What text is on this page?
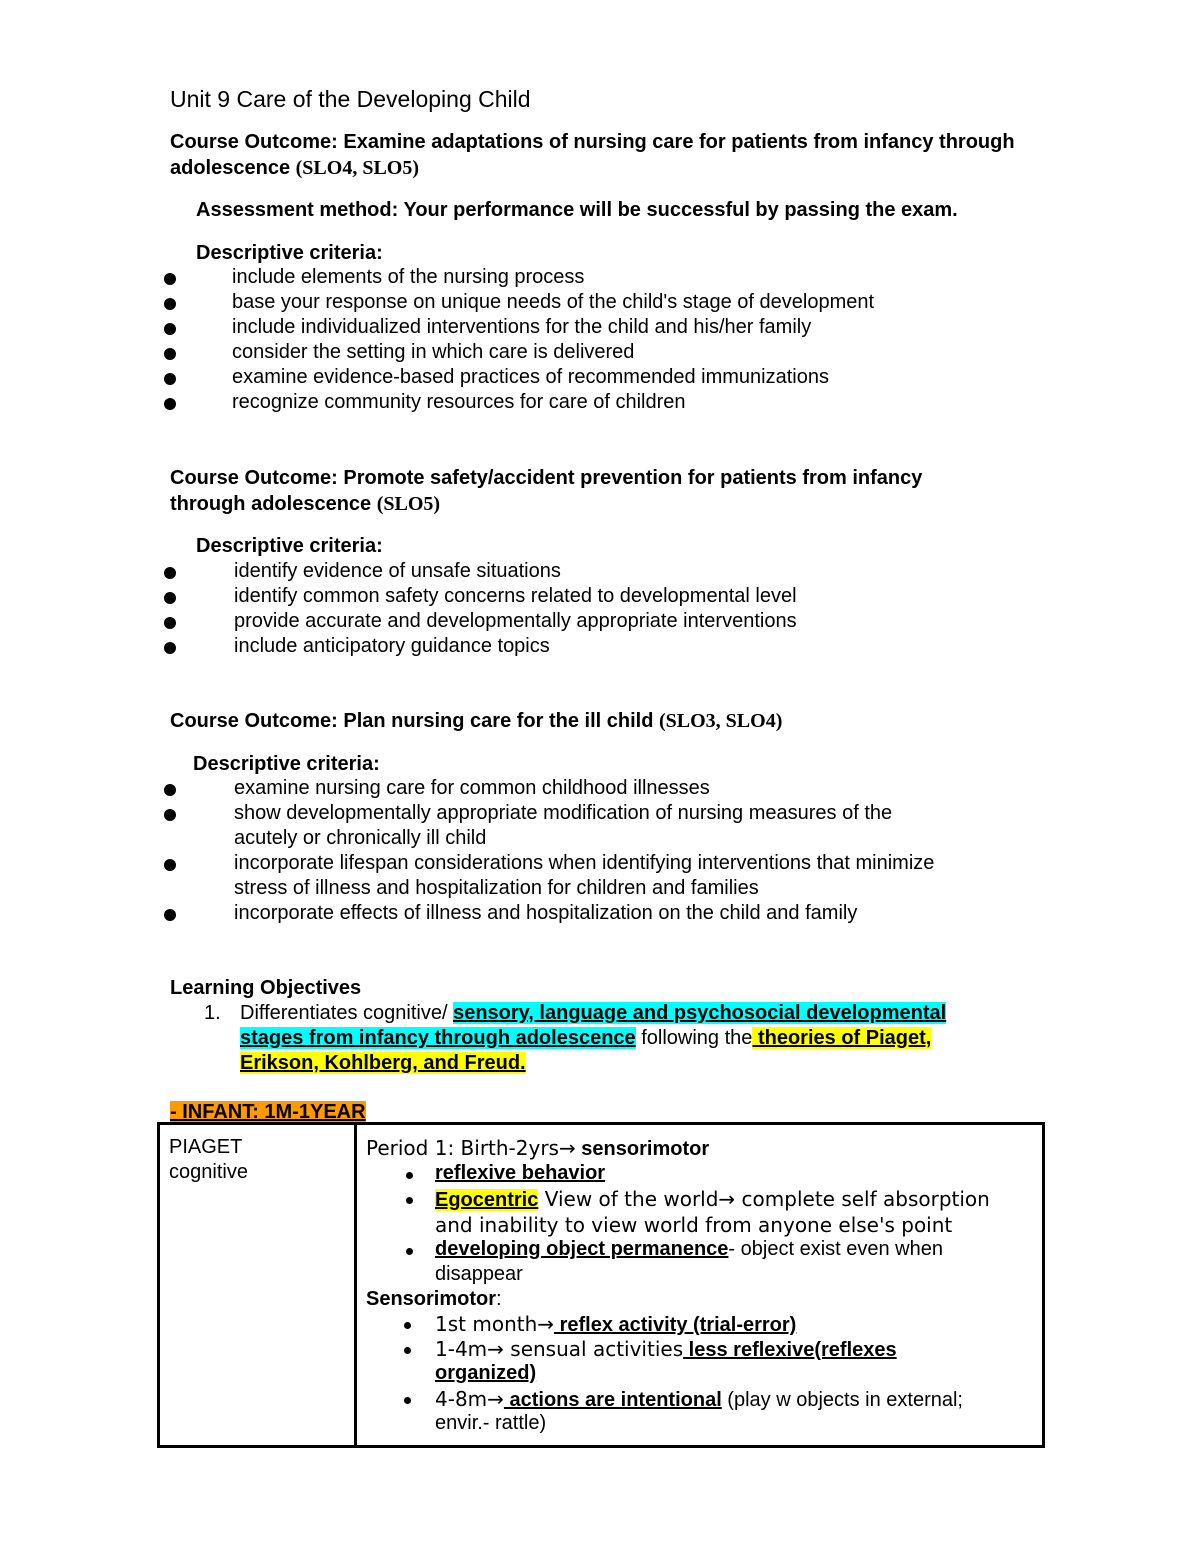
Unit 9 Care of the Developing Child
Course Outcome: Examine adaptations of nursing care for patients from infancy through
adolescence (SLO4, SLO5)
Assessment method: Your performance will be successful by passing the exam.
Descriptive criteria:
include elements of the nursing process
base your response on unique needs of the child's stage of development
include individualized interventions for the child and his/her family
consider the setting in which care is delivered
examine evidence-based practices of recommended immunizations
recognize community resources for care of children
Course Outcome: Promote safety/accident prevention for patients from infancy
through adolescence (SLO5)
Descriptive criteria:
identify evidence of unsafe situations
identify common safety concerns related to developmental level
provide accurate and developmentally appropriate interventions
include anticipatory guidance topics
Course Outcome: Plan nursing care for the ill child (SLO3, SLO4)
Descriptive criteria:
examine nursing care for common childhood illnesses
show developmentally appropriate modification of nursing measures of the
acutely or chronically ill child
incorporate lifespan considerations when identifying interventions that minimize
stress of illness and hospitalization for children and families
incorporate effects of illness and hospitalization on the child and family
Learning Objectives
1. Differentiates cognitive/ sensory, language and psychosocial developmental
stages from infancy through adolescence following the theories of Piaget,
Erikson, Kohlberg, and Freud.
- INFANT: 1M-1YEAR
PIAGET
cognitive

Period 1: Birth-2yrs→ sensorimotor
reflexive behavior
Egocentric View of the world→ complete self absorption
and inability to view world from anyone else's point
developing object permanence- object exist even when
disappear
Sensorimotor:
1st month→ reflex activity (trial-error)
1-4m→ sensual activities less reflexive(reflexes
organized)
4-8m→ actions are intentional (play w objects in external;
envir.- rattle)
